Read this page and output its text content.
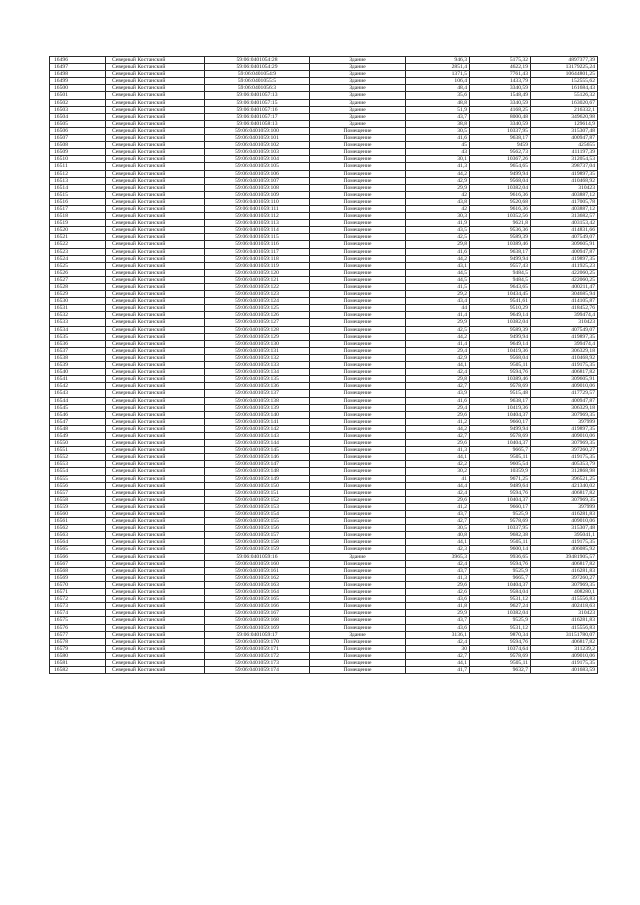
16496	Северный Костанский	59:06:0401054:28	Здание	946,3	5175,32	4897377,39
16497	Северный Костанский	59:06:0401054:29	Здание	2851,4	4622,19	13179225,24
16498	Северный Костанский	59:06:0401054:9	Здание	1371,5	7761,43	10644801,25
16499	Северный Костанский	59:06:0401055:5	Здание	106,4	1433,79	152555,62
16500	Северный Костанский	59:06:0401056:3	Здание	48,4	3340,59	161684,43
16501	Северный Костанский	59:06:0401057:13	Здание	35,6	1548,49	55126,32
16502	Северный Костанский	59:06:0401057:15	Здание	48,8	3340,59	163020,67
16503	Северный Костанский	59:06:0401057:16	Здание	51,9	4168,25	216332,1
16504	Северный Костанский	59:06:0401057:17	Здание	43,7	8000,48	349620,98
16505	Северный Костанский	59:06:0401058:13	Здание	38,8	3340,59	129614,9
16506	Северный Костанский	59:06:0401059:100	Помещение	30,5	10337,95	315307,48
16507	Северный Костанский	59:06:0401059:101	Помещение	41,6	9638,17	400947,87
16508	Северный Костанский	59:06:0401059:102	Помещение	45	9459	425655
16509	Северный Костанский	59:06:0401059:103	Помещение	43	9562,73	411197,39
16510	Северный Костанский	59:06:0401059:104	Помещение	30,1	10367,26	312054,53
16511	Северный Костанский	59:06:0401059:105	Помещение	41,3	9654,65	398737,04
16512	Северный Костанский	59:06:0401059:106	Помещение	44,2	9499,94	419897,35
16513	Северный Костанский	59:06:0401059:107	Помещение	42,9	9568,04	410468,92
16514	Северный Костанский	59:06:0401059:108	Помещение	29,9	10382,04	310423
16515	Северный Костанский	59:06:0401059:109	Помещение	42	9616,36	403887,12
16516	Северный Костанский	59:06:0401059:110	Помещение	43,8	9520,68	417005,78
16517	Северный Костанский	59:06:0401059:111	Помещение	42	9616,36	403887,12
16518	Северный Костанский	59:06:0401059:112	Помещение	30,3	10352,56	313682,57
16519	Северный Костанский	59:06:0401059:113	Помещение	41,9	9621,8	403153,42
16520	Северный Костанский	59:06:0401059:114	Помещение	43,5	9536,36	414831,66
16521	Северный Костанский	59:06:0401059:115	Помещение	42,5	9589,39	407549,07
16522	Северный Костанский	59:06:0401059:116	Помещение	29,8	10389,46	309605,91
16523	Северный Костанский	59:06:0401059:117	Помещение	41,6	9638,17	400947,87
16524	Северный Костанский	59:06:0401059:118	Помещение	44,2	9499,94	419897,35
16525	Северный Костанский	59:06:0401059:119	Помещение	43,1	9557,43	411925,23
16526	Северный Костанский	59:06:0401059:120	Помещение	44,5	9484,5	422060,25
16527	Северный Костанский	59:06:0401059:121	Помещение	44,5	9484,5	422060,25
16528	Северный Костанский	59:06:0401059:122	Помещение	41,5	9643,65	400211,47
16529	Северный Костанский	59:06:0401059:123	Помещение	29,2	10434,45	304685,94
16530	Северный Костанский	59:06:0401059:124	Помещение	43,4	9541,61	414105,87
16531	Северный Костанский	59:06:0401059:125	Помещение	44	9510,29	418452,76
16532	Северный Костанский	59:06:0401059:126	Помещение	41,4	9649,14	399474,4
16533	Северный Костанский	59:06:0401059:127	Помещение	29,9	10382,04	310423
16534	Северный Костанский	59:06:0401059:128	Помещение	42,5	9589,39	407549,07
16535	Северный Костанский	59:06:0401059:129	Помещение	44,2	9499,94	419897,35
16536	Северный Костанский	59:06:0401059:130	Помещение	41,4	9649,14	399474,4
16537	Северный Костанский	59:06:0401059:131	Помещение	29,4	10419,36	306329,18
16538	Северный Костанский	59:06:0401059:132	Помещение	42,9	9568,04	410468,92
16539	Северный Костанский	59:06:0401059:133	Помещение	44,1	9505,11	419175,35
16540	Северный Костанский	59:06:0401059:134	Помещение	42,4	9594,76	406817,82
16541	Северный Костанский	59:06:0401059:135	Помещение	29,8	10389,46	309605,91
16542	Северный Костанский	59:06:0401059:136	Помещение	42,7	9578,69	409010,06
16543	Северный Костанский	59:06:0401059:137	Помещение	43,9	9515,48	417729,57
16544	Северный Костанский	59:06:0401059:138	Помещение	41,6	9638,17	400947,87
16545	Северный Костанский	59:06:0401059:139	Помещение	29,4	10419,36	306329,18
16546	Северный Костанский	59:06:0401059:140	Помещение	29,6	10404,37	307969,35
16547	Северный Костанский	59:06:0401059:141	Помещение	41,2	9660,17	397999
16548	Северный Костанский	59:06:0401059:142	Помещение	44,2	9499,94	419897,35
16549	Северный Костанский	59:06:0401059:143	Помещение	42,7	9578,69	409010,06
16550	Северный Костанский	59:06:0401059:144	Помещение	29,6	10404,37	307969,35
16551	Северный Костанский	59:06:0401059:145	Помещение	41,3	9665,7	397260,27
16552	Северный Костанский	59:06:0401059:146	Помещение	44,1	9505,11	419175,35
16553	Северный Костанский	59:06:0401059:147	Помещение	42,2	9605,54	405353,79
16554	Северный Костанский	59:06:0401059:148	Помещение	30,2	10359,9	312868,98
16555	Северный Костанский	59:06:0401059:149	Помещение	41	9671,25	396521,25
16556	Северный Костанский	59:06:0401059:150	Помещение	44,4	9489,64	421340,02
16557	Северный Костанский	59:06:0401059:151	Помещение	42,4	9594,76	406817,82
16558	Северный Костанский	59:06:0401059:152	Помещение	29,6	10404,37	307969,35
16559	Северный Костанский	59:06:0401059:153	Помещение	41,2	9660,17	397999
16560	Северный Костанский	59:06:0401059:154	Помещение	43,7	9525,9	416281,83
16561	Северный Костанский	59:06:0401059:155	Помещение	42,7	9578,69	409010,06
16562	Северный Костанский	59:06:0401059:156	Помещение	30,5	10337,95	315307,48
16563	Северный Костанский	59:06:0401059:157	Помещение	40,8	9682,38	395041,1
16564	Северный Костанский	59:06:0401059:158	Помещение	44,1	9505,11	419175,35
16565	Северный Костанский	59:06:0401059:159	Помещение	42,3	9600,14	406085,92
16566	Северный Костанский	59:06:0401059:16	Здание	3965,3	9936,65	39481905,57
16567	Северный Костанский	59:06:0401059:160	Помещение	42,4	9594,76	406817,82
16568	Северный Костанский	59:06:0401059:161	Помещение	43,7	9525,9	416281,83
16569	Северный Костанский	59:06:0401059:162	Помещение	41,3	9665,7	397260,27
16570	Северный Костанский	59:06:0401059:163	Помещение	29,6	10404,37	307969,35
16571	Северный Костанский	59:06:0401059:164	Помещение	42,6	9584,04	408280,1
16572	Северный Костанский	59:06:0401059:165	Помещение	43,6	9531,12	415556,83
16573	Северный Костанский	59:06:0401059:166	Помещение	41,8	9627,24	402418,63
16574	Северный Костанский	59:06:0401059:167	Помещение	29,9	10382,04	310423
16575	Северный Костанский	59:06:0401059:168	Помещение	43,7	9525,9	416281,83
16576	Северный Костанский	59:06:0401059:169	Помещение	43,6	9531,12	415556,83
16577	Северный Костанский	59:06:0401059:17	Здание	3136,1	9870,34	31151780,07
16578	Северный Костанский	59:06:0401059:170	Помещение	42,4	9594,76	406817,82
16579	Северный Костанский	59:06:0401059:171	Помещение	30	10374,64	311239,2
16580	Северный Костанский	59:06:0401059:172	Помещение	42,7	9578,69	409010,06
16581	Северный Костанский	59:06:0401059:173	Помещение	44,1	9505,11	419175,35
16582	Северный Костанский	59:06:0401059:174	Помещение	41,7	9632,7	401683,59
